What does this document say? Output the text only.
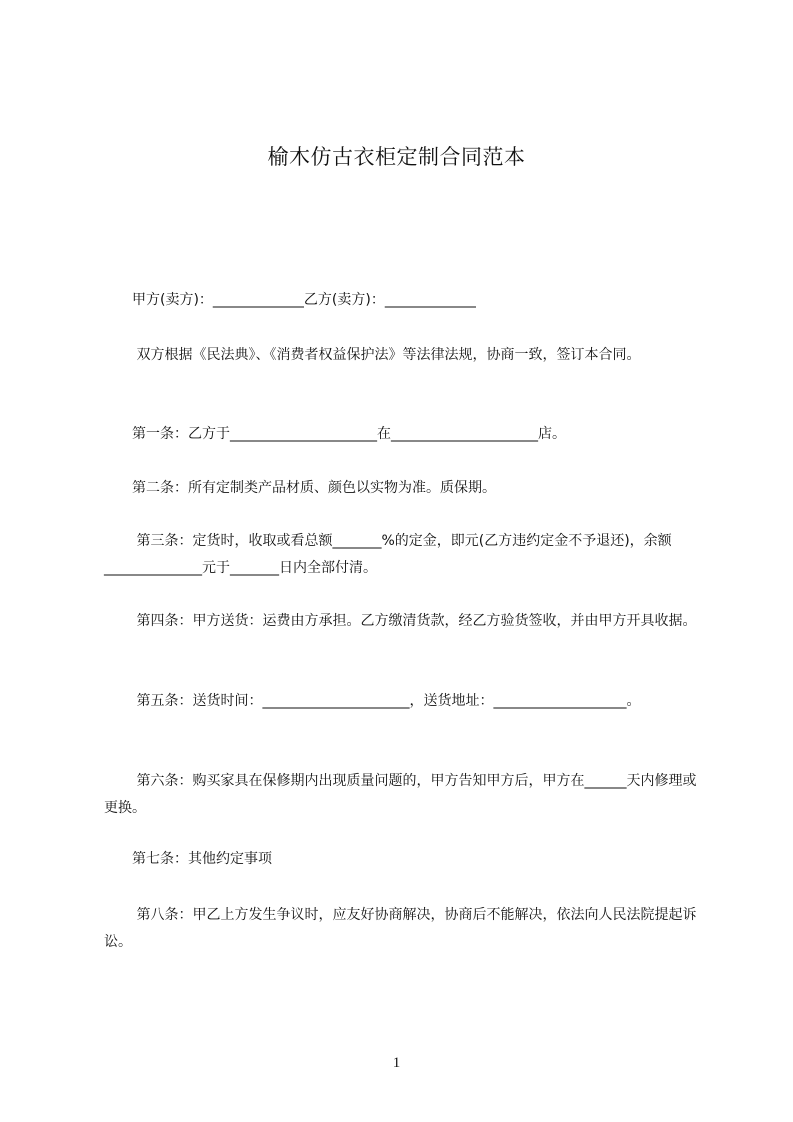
榆木仿古衣柜定制合同范本
　　甲方(卖方)：_____________乙方(卖方)：_____________
　　 双方根据《民法典》、《消费者权益保护法》等法律法规，协商一致，签订本合同。
　　第一条：乙方于_____________________在_____________________店。
　　第二条：所有定制类产品材质、颜色以实物为准。质保期。
　　 第三条：定货时，收取或看总额_______%的定金，即元(乙方违约定金不予退还)，余额______________元于_______日内全部付清。
　　 第四条：甲方送货：运费由方承担。乙方缴清货款，经乙方验货签收，并由甲方开具收据。
　　 第五条：送货时间：_____________________，送货地址：___________________。
　　 第六条：购买家具在保修期内出现质量问题的，甲方告知甲方后，甲方在______天内修理或更换。
　　第七条：其他约定事项
　　 第八条：甲乙上方发生争议时，应友好协商解决，协商后不能解决，依法向人民法院提起诉讼。
1
